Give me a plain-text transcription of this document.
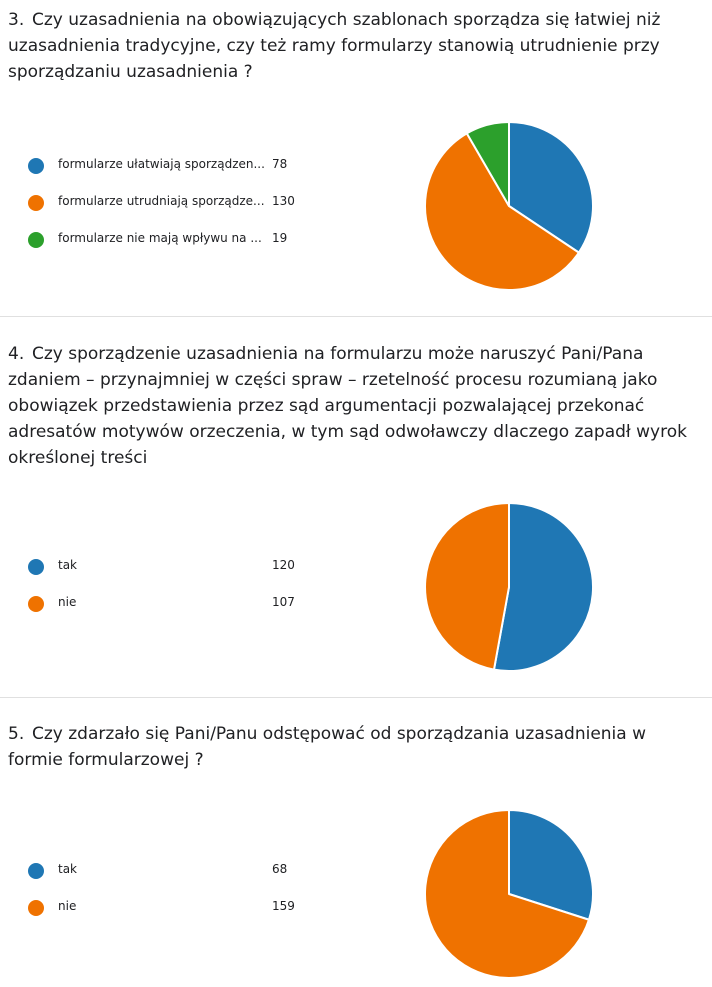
3. Czy uzasadnienia na obowiązujących szablonach sporządza się łatwiej niż uzasadnienia tradycyjne, czy też ramy formularzy stanowią utrudnienie przy sporządzaniu uzasadnienia ?
formularze ułatwiają sporządzen... 78
formularze utrudniają sporządze... 130
formularze nie mają wpływu na ... 19
4. Czy sporządzenie uzasadnienia na formularzu może naruszyć Pani/Pana zdaniem – przynajmniej w części spraw – rzetelność procesu rozumianą jako obowiązek przedstawienia przez sąd argumentacji pozwalającej przekonać adresatów motywów orzeczenia, w tym sąd odwoławczy dlaczego zapadł wyrok określonej treści
tak	120
nie	107
5. Czy zdarzało się Pani/Panu odstępować od sporządzania uzasadnienia w formie formularzowej ?
tak	68
nie	159
